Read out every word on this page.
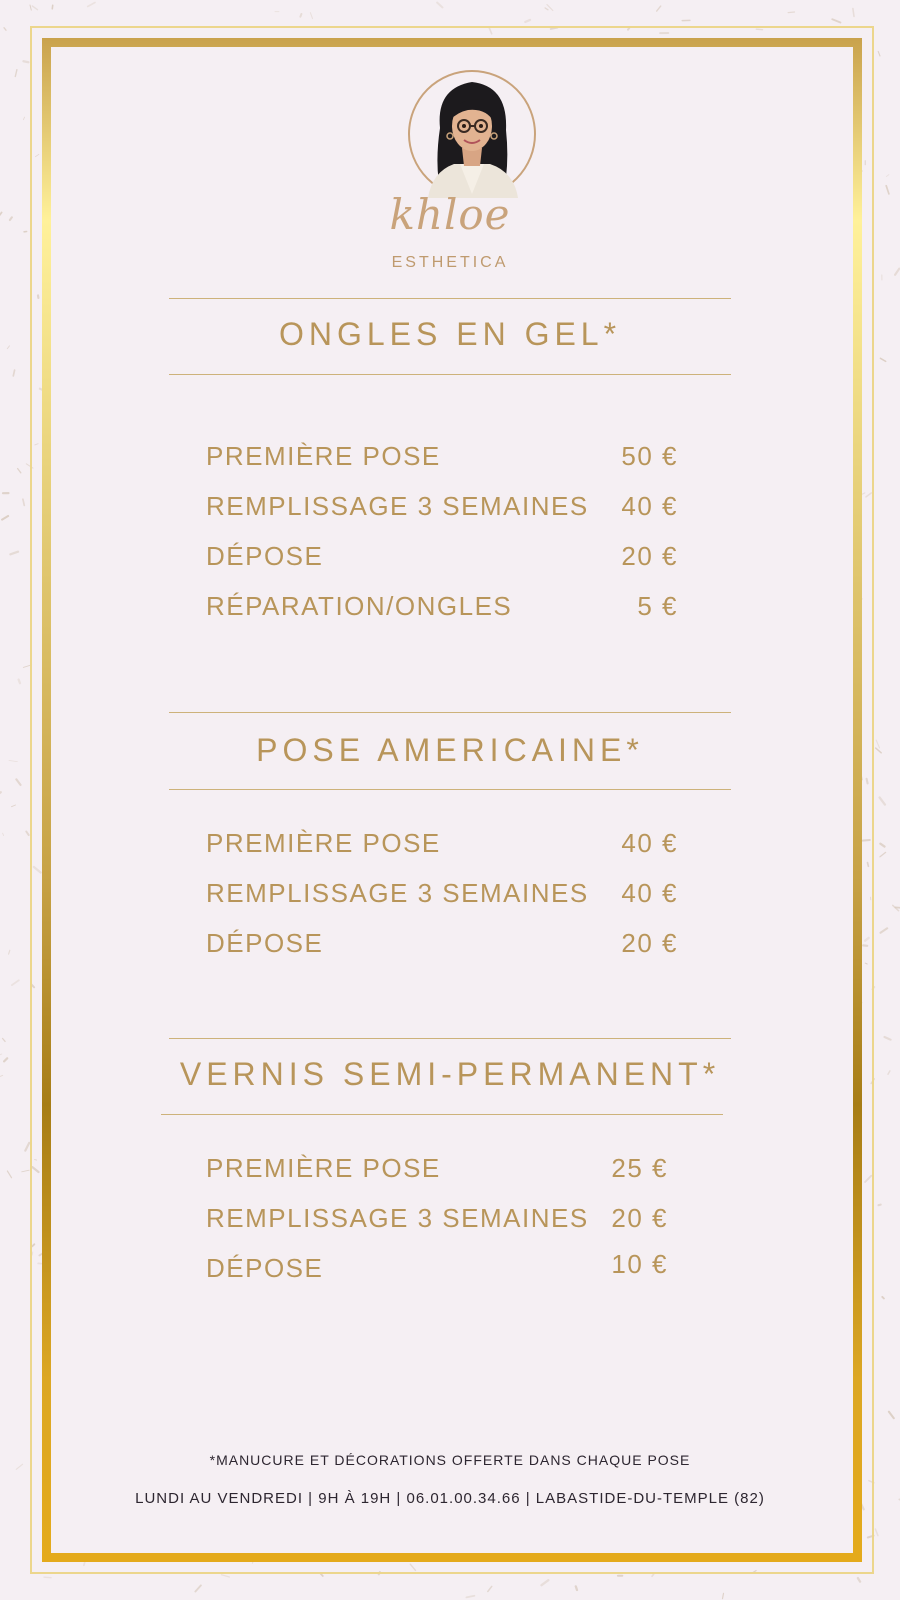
khloe
ESTHETICA
ONGLES EN GEL*
PREMIÈRE POSE	50 €
REMPLISSAGE 3 SEMAINES 40 €
DÉPOSE	20 €
RÉPARATION/ONGLES	5 €
POSE AMERICAINE*
PREMIÈRE POSE	40 €
REMPLISSAGE 3 SEMAINES 40 €
DÉPOSE	20 €
VERNIS SEMI-PERMANENT*
PREMIÈRE POSE	25 €
REMPLISSAGE 3 SEMAINES 20 €
DÉPOSE	10 €
*MANUCURE ET DÉCORATIONS OFFERTE DANS CHAQUE POSE
LUNDI AU VENDREDI | 9H À 19H | 06.01.00.34.66 | LABASTIDE-DU-TEMPLE (82)
